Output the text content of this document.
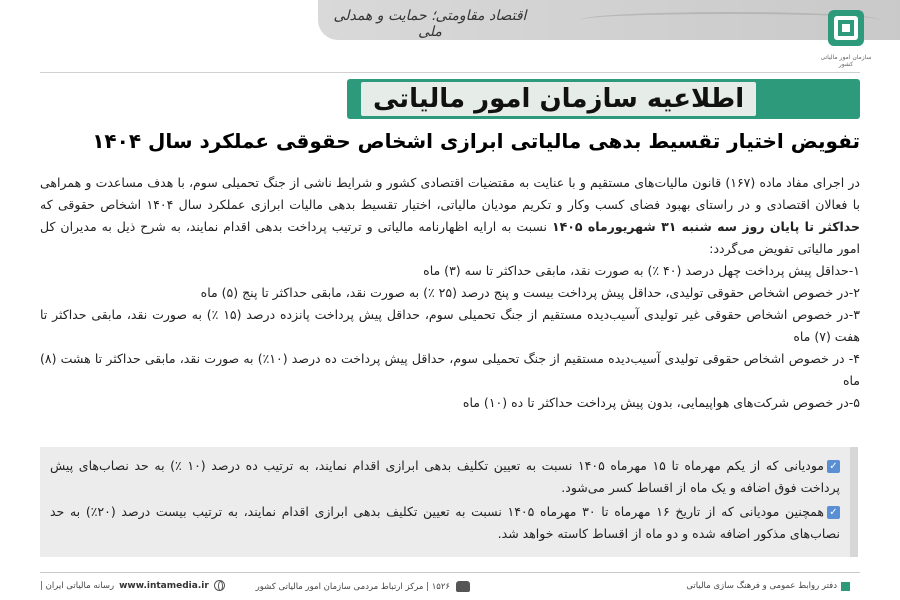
اقتصاد مقاومتی؛ حمایت و همدلی ملی
سازمان امور مالیاتی کشور
اطلاعیه سازمان امور مالیاتی
تفویض اختیار تقسیط بدهی مالیاتی ابرازی اشخاص حقوقی عملکرد سال ۱۴۰۴

در اجرای مفاد ماده (۱۶۷) قانون مالیات‌های مستقیم و با عنایت به مقتضیات اقتصادی کشور و شرایط ناشی از جنگ تحمیلی سوم، با هدف مساعدت و همراهی با فعالان اقتصادی و در راستای بهبود فضای کسب وکار و تکریم مودیان مالیاتی، اختیار تقسیط بدهی مالیات ابرازی عملکرد سال ۱۴۰۴ اشخاص حقوقی که حداکثر تا پایان روز سه شنبه ۳۱ شهریورماه ۱۴۰۵ نسبت به ارایه اظهارنامه مالیاتی و ترتیب پرداخت بدهی اقدام نمایند، به شرح ذیل به مدیران کل امور مالیاتی تفویض می‌گردد:

۱-حداقل پیش پرداخت چهل درصد (۴۰ ٪) به صورت نقد، مابقی حداکثر تا سه (۳) ماه

۲-در خصوص اشخاص حقوقی تولیدی، حداقل پیش پرداخت بیست و پنج درصد (۲۵ ٪) به صورت نقد، مابقی حداکثر تا پنج (۵) ماه

۳-در خصوص اشخاص حقوقی غیر تولیدی آسیب‌دیده مستقیم از جنگ تحمیلی سوم، حداقل پیش پرداخت پانزده درصد (۱۵ ٪) به صورت نقد، مابقی حداکثر تا هفت (۷) ماه

۴- در خصوص اشخاص حقوقی تولیدی آسیب‌دیده مستقیم از جنگ تحمیلی سوم، حداقل پیش پرداخت ده درصد (۱۰٪) به صورت نقد، مابقی حداکثر تا هشت (۸) ماه

۵-در خصوص شرکت‌های هواپیمایی، بدون پیش پرداخت حداکثر تا ده (۱۰) ماه

✓مودیانی که از یکم مهرماه تا ۱۵ مهرماه ۱۴۰۵ نسبت به تعیین تکلیف بدهی ابرازی اقدام نمایند، به ترتیب ده درصد (۱۰ ٪) به حد نصاب‌های پیش پرداخت فوق اضافه و یک ماه از اقساط کسر می‌شود.

✓همچنین مودیانی که از تاریخ ۱۶ مهرماه تا ۳۰ مهرماه ۱۴۰۵ نسبت به تعیین تکلیف بدهی ابرازی اقدام نمایند، به ترتیب بیست درصد (۲۰٪) به حد نصاب‌های مذکور اضافه شده و دو ماه از اقساط کاسته خواهد شد.

دفتر روابط عمومی و فرهنگ سازی مالیاتی
۱۵۲۶ | مرکز ارتباط مردمی سازمان امور مالیاتی کشور
| رسانه مالیاتی ایران www.intamedia.ir
